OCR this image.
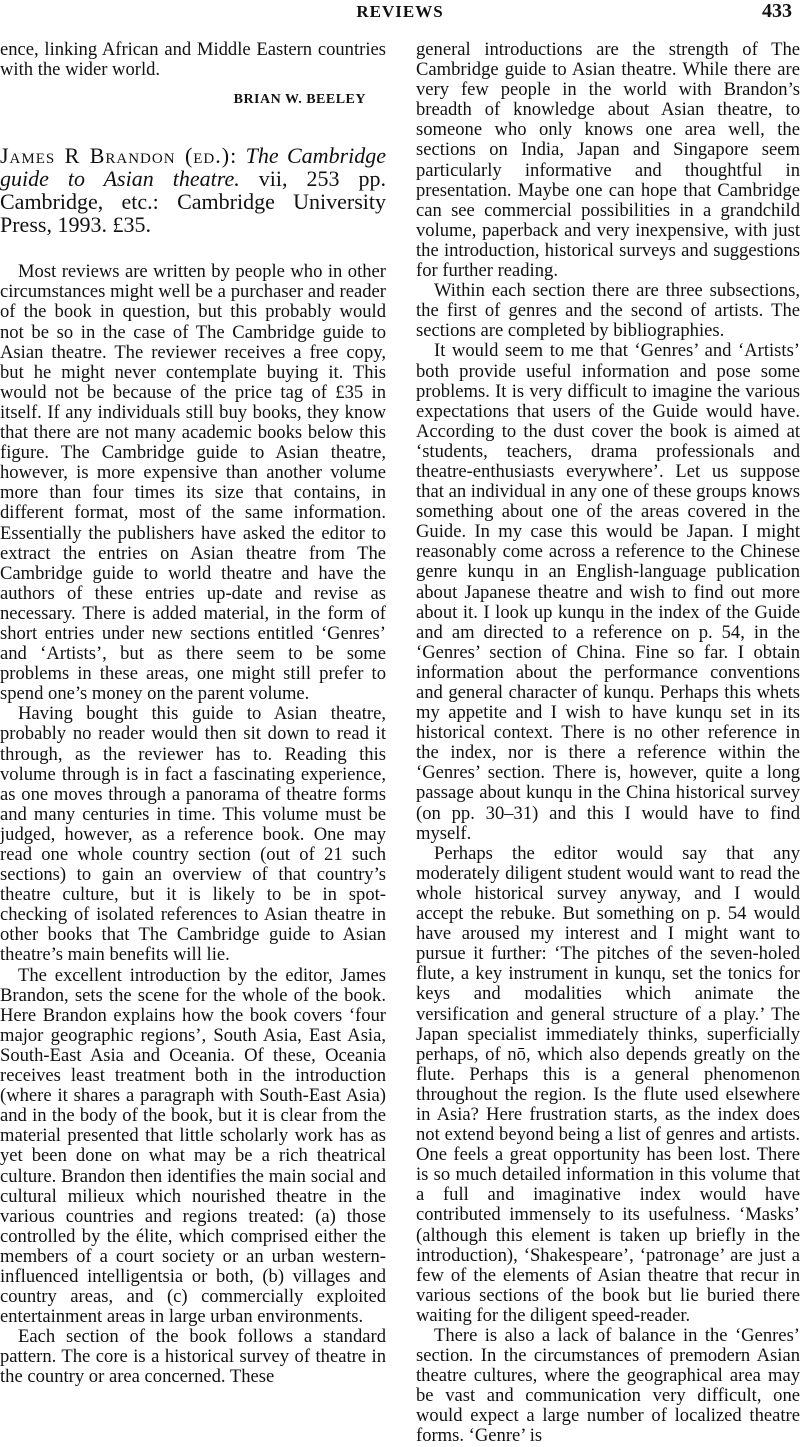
REVIEWS	433

ence, linking African and Middle Eastern countries with the wider world.

BRIAN W. BEELEY
James R Brandon (ed.): The Cambridge guide to Asian theatre. vii, 253 pp. Cambridge, etc.: Cambridge University Press, 1993. £35.

Most reviews are written by people who in other circumstances might well be a purchaser and reader of the book in question, but this probably would not be so in the case of The Cambridge guide to Asian theatre. The reviewer receives a free copy, but he might never contemplate buying it. This would not be because of the price tag of £35 in itself. If any individuals still buy books, they know that there are not many academic books below this figure. The Cambridge guide to Asian theatre, however, is more expensive than another volume more than four times its size that contains, in different format, most of the same information. Essentially the publishers have asked the editor to extract the entries on Asian theatre from The Cambridge guide to world theatre and have the authors of these entries up-date and revise as necessary. There is added material, in the form of short entries under new sections entitled ‘Genres’ and ‘Artists’, but as there seem to be some problems in these areas, one might still prefer to spend one’s money on the parent volume.

Having bought this guide to Asian theatre, probably no reader would then sit down to read it through, as the reviewer has to. Reading this volume through is in fact a fascinating experience, as one moves through a panorama of theatre forms and many centuries in time. This volume must be judged, however, as a reference book. One may read one whole country section (out of 21 such sections) to gain an overview of that country’s theatre culture, but it is likely to be in spot-checking of isolated references to Asian theatre in other books that The Cambridge guide to Asian theatre’s main benefits will lie.

The excellent introduction by the editor, James Brandon, sets the scene for the whole of the book. Here Brandon explains how the book covers ‘four major geographic regions’, South Asia, East Asia, South-East Asia and Oceania. Of these, Oceania receives least treatment both in the introduction (where it shares a paragraph with South-East Asia) and in the body of the book, but it is clear from the material presented that little scholarly work has as yet been done on what may be a rich theatrical culture. Brandon then identifies the main social and cultural milieux which nourished theatre in the various countries and regions treated: (a) those controlled by the élite, which comprised either the members of a court society or an urban western-influenced intelligentsia or both, (b) villages and country areas, and (c) commercially exploited entertainment areas in large urban environments.

Each section of the book follows a standard pattern. The core is a historical survey of theatre in the country or area concerned. These

general introductions are the strength of The Cambridge guide to Asian theatre. While there are very few people in the world with Brandon’s breadth of knowledge about Asian theatre, to someone who only knows one area well, the sections on India, Japan and Singapore seem particularly informative and thoughtful in presentation. Maybe one can hope that Cambridge can see commercial possibilities in a grandchild volume, paperback and very inexpensive, with just the introduction, historical surveys and suggestions for further reading.

Within each section there are three subsections, the first of genres and the second of artists. The sections are completed by bibliographies.

It would seem to me that ‘Genres’ and ‘Artists’ both provide useful information and pose some problems. It is very difficult to imagine the various expectations that users of the Guide would have. According to the dust cover the book is aimed at ‘students, teachers, drama professionals and theatre-enthusiasts everywhere’. Let us suppose that an individual in any one of these groups knows something about one of the areas covered in the Guide. In my case this would be Japan. I might reasonably come across a reference to the Chinese genre kunqu in an English-language publication about Japanese theatre and wish to find out more about it. I look up kunqu in the index of the Guide and am directed to a reference on p. 54, in the ‘Genres’ section of China. Fine so far. I obtain information about the performance conventions and general character of kunqu. Perhaps this whets my appetite and I wish to have kunqu set in its historical context. There is no other reference in the index, nor is there a reference within the ‘Genres’ section. There is, however, quite a long passage about kunqu in the China historical survey (on pp. 30–31) and this I would have to find myself.

Perhaps the editor would say that any moderately diligent student would want to read the whole historical survey anyway, and I would accept the rebuke. But something on p. 54 would have aroused my interest and I might want to pursue it further: ‘The pitches of the seven-holed flute, a key instrument in kunqu, set the tonics for keys and modalities which animate the versification and general structure of a play.’ The Japan specialist immediately thinks, superficially perhaps, of nō, which also depends greatly on the flute. Perhaps this is a general phenomenon throughout the region. Is the flute used elsewhere in Asia? Here frustration starts, as the index does not extend beyond being a list of genres and artists. One feels a great opportunity has been lost. There is so much detailed information in this volume that a full and imaginative index would have contributed immensely to its usefulness. ‘Masks’ (although this element is taken up briefly in the introduction), ‘Shakespeare’, ‘patronage’ are just a few of the elements of Asian theatre that recur in various sections of the book but lie buried there waiting for the diligent speed-reader.

There is also a lack of balance in the ‘Genres’ section. In the circumstances of premodern Asian theatre cultures, where the geographical area may be vast and communication very difficult, one would expect a large number of localized theatre forms. ‘Genre’ is
